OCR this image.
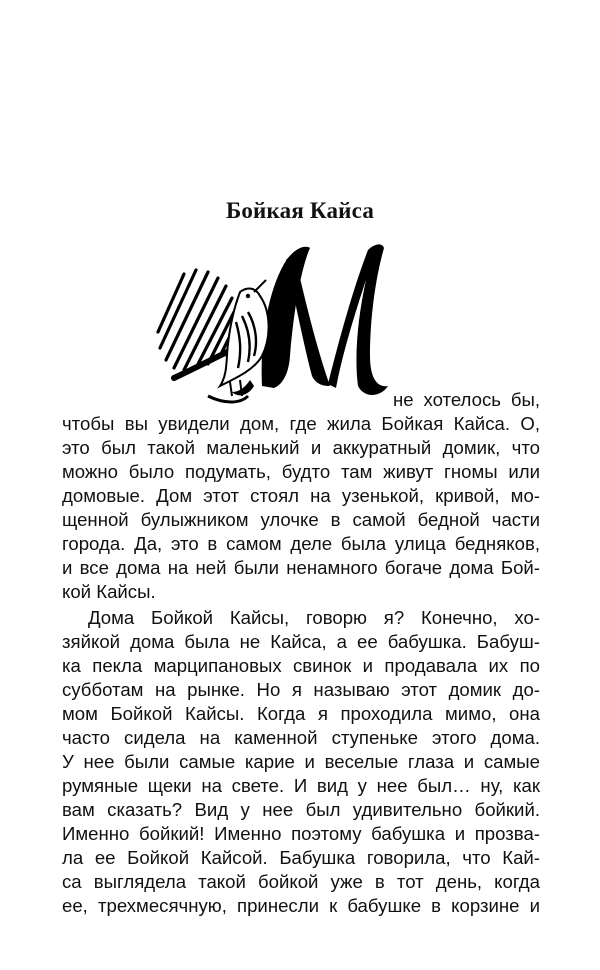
Бойкая Кайса
не хотелось бы,
чтобы вы увидели дом, где жила Бойкая Кайса. О,
это был такой маленький и аккуратный домик, что
можно было подумать, будто там живут гномы или
домовые. Дом этот стоял на узенькой, кривой, мо-
щенной булыжником улочке в самой бедной части
города. Да, это в самом деле была улица бедняков,
и все дома на ней были ненамного богаче дома Бой-
кой Кайсы.
Дома Бойкой Кайсы, говорю я? Конечно, хо-
зяйкой дома была не Кайса, а ее бабушка. Бабуш-
ка пекла марципановых свинок и продавала их по
субботам на рынке. Но я называю этот домик до-
мом Бойкой Кайсы. Когда я проходила мимо, она
часто сидела на каменной ступеньке этого дома.
У нее были самые карие и веселые глаза и самые
румяные щеки на свете. И вид у нее был… ну, как
вам сказать? Вид у нее был удивительно бойкий.
Именно бойкий! Именно поэтому бабушка и прозва-
ла ее Бойкой Кайсой. Бабушка говорила, что Кай-
са выглядела такой бойкой уже в тот день, когда
ее, трехмесячную, принесли к бабушке в корзине и
